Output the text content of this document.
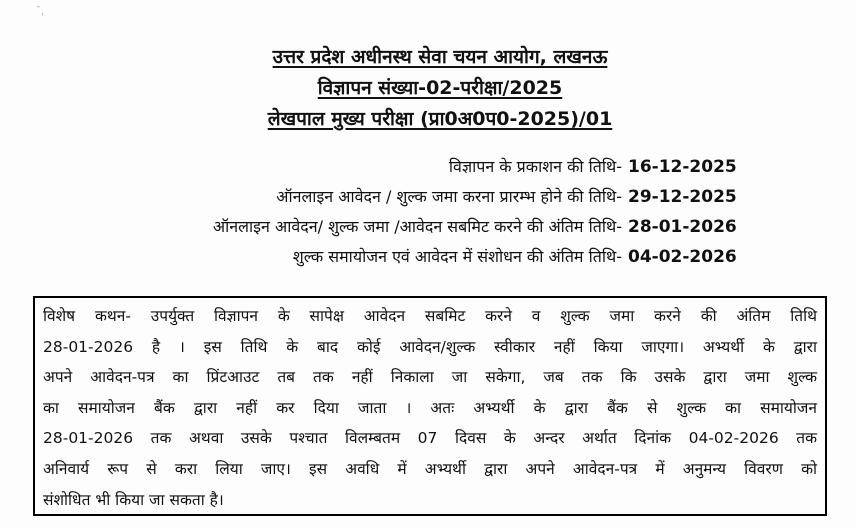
ˉˌ
उत्तर प्रदेश अधीनस्थ सेवा चयन आयोग, लखनऊ
विज्ञापन संख्या-02-परीक्षा/2025
लेखपाल मुख्य परीक्षा (प्रा0अ0प0-2025)/01
विज्ञापन के प्रकाशन की तिथि- 16-12-2025
ऑनलाइन आवेदन / शुल्क जमा करना प्रारम्भ होने की तिथि- 29-12-2025
ऑनलाइन आवेदन/ शुल्क जमा /आवेदन सबमिट करने की अंतिम तिथि- 28-01-2026
शुल्क समायोजन एवं आवेदन में संशोधन की अंतिम तिथि- 04-02-2026
विशेष कथन- उपर्युक्त विज्ञापन के सापेक्ष आवेदन सबमिट करने व शुल्क जमा करने की अंतिम तिथि
28-01-2026 है । इस तिथि के बाद कोई आवेदन/शुल्क स्वीकार नहीं किया जाएगा। अभ्यर्थी के द्वारा
अपने आवेदन-पत्र का प्रिंटआउट तब तक नहीं निकाला जा सकेगा, जब तक कि उसके द्वारा जमा शुल्क
का समायोजन बैंक द्वारा नहीं कर दिया जाता । अतः अभ्यर्थी के द्वारा बैंक से शुल्क का समायोजन
28-01-2026 तक अथवा उसके पश्चात विलम्बतम 07 दिवस के अन्दर अर्थात दिनांक 04-02-2026 तक
अनिवार्य रूप से करा लिया जाए। इस अवधि में अभ्यर्थी द्वारा अपने आवेदन-पत्र में अनुमन्य विवरण को
संशोधित भी किया जा सकता है।
